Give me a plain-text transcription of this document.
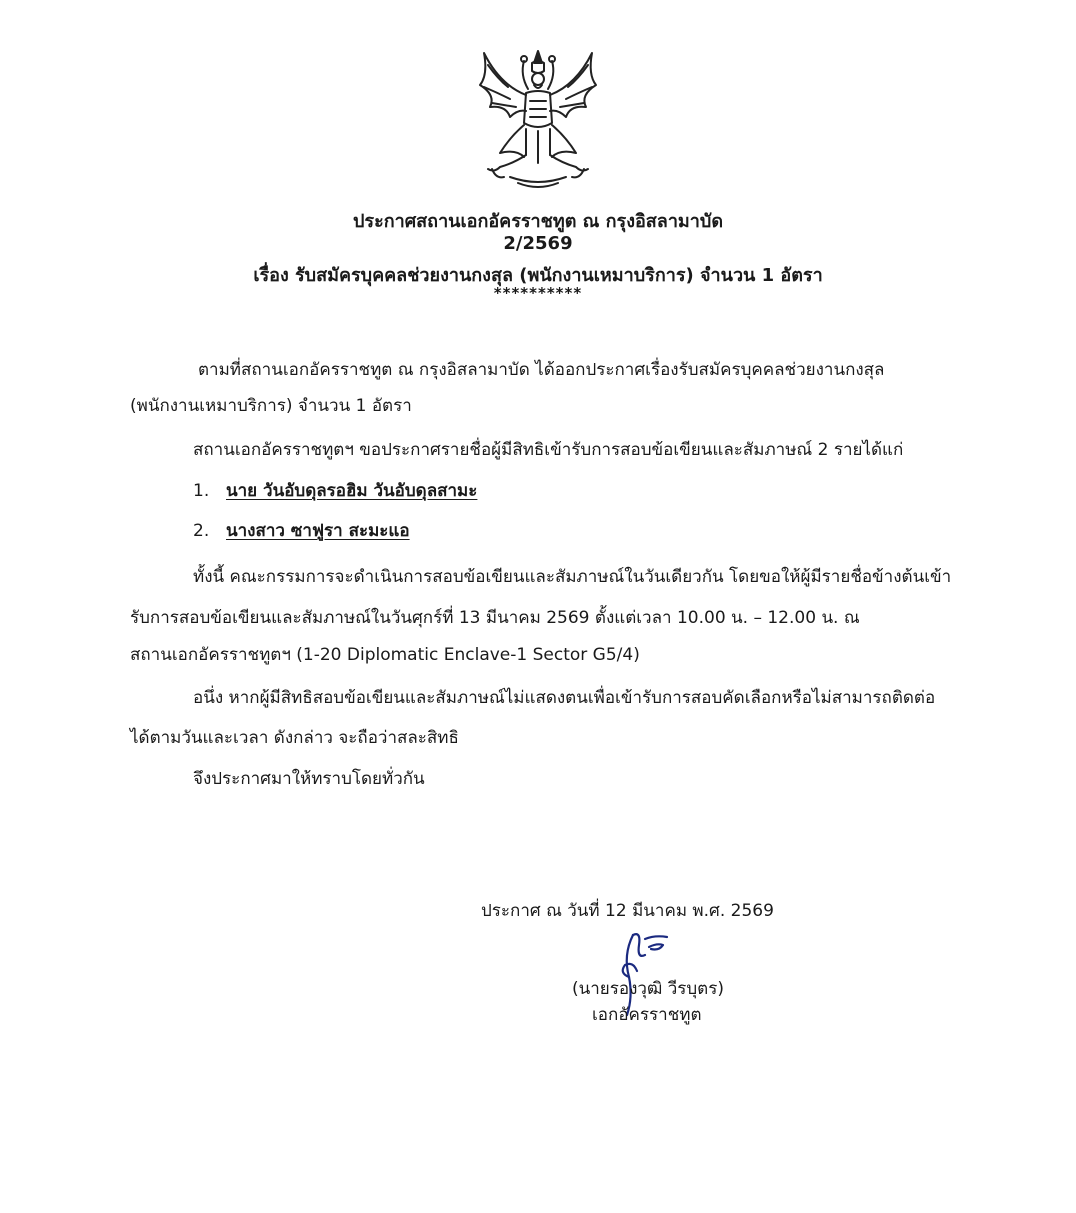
ประกาศสถานเอกอัครราชทูต ณ กรุงอิสลามาบัด
2/2569
เรื่อง รับสมัครบุคคลช่วยงานกงสุล (พนักงานเหมาบริการ) จำนวน 1 อัตรา
**********
ตามที่สถานเอกอัครราชทูต ณ กรุงอิสลามาบัด ได้ออกประกาศเรื่องรับสมัครบุคคลช่วยงานกงสุล
(พนักงานเหมาบริการ) จำนวน 1 อัตรา
สถานเอกอัครราชทูตฯ ขอประกาศรายชื่อผู้มีสิทธิเข้ารับการสอบข้อเขียนและสัมภาษณ์ 2 รายได้แก่
1. นาย วันอับดุลรอฮิม วันอับดุลสามะ
2. นางสาว ซาฟูรา สะมะแอ
ทั้งนี้ คณะกรรมการจะดำเนินการสอบข้อเขียนและสัมภาษณ์ในวันเดียวกัน โดยขอให้ผู้มีรายชื่อข้างต้นเข้า
รับการสอบข้อเขียนและสัมภาษณ์ในวันศุกร์ที่ 13 มีนาคม 2569 ตั้งแต่เวลา 10.00 น. – 12.00 น. ณ
สถานเอกอัครราชทูตฯ (1-20 Diplomatic Enclave-1 Sector G5/4)
อนึ่ง หากผู้มีสิทธิสอบข้อเขียนและสัมภาษณ์ไม่แสดงตนเพื่อเข้ารับการสอบคัดเลือกหรือไม่สามารถติดต่อ
ได้ตามวันและเวลา ดังกล่าว จะถือว่าสละสิทธิ
จึงประกาศมาให้ทราบโดยทั่วกัน
ประกาศ ณ วันที่ 12 มีนาคม พ.ศ. 2569
(นายรองวุฒิ วีรบุตร)
เอกอัครราชทูต
